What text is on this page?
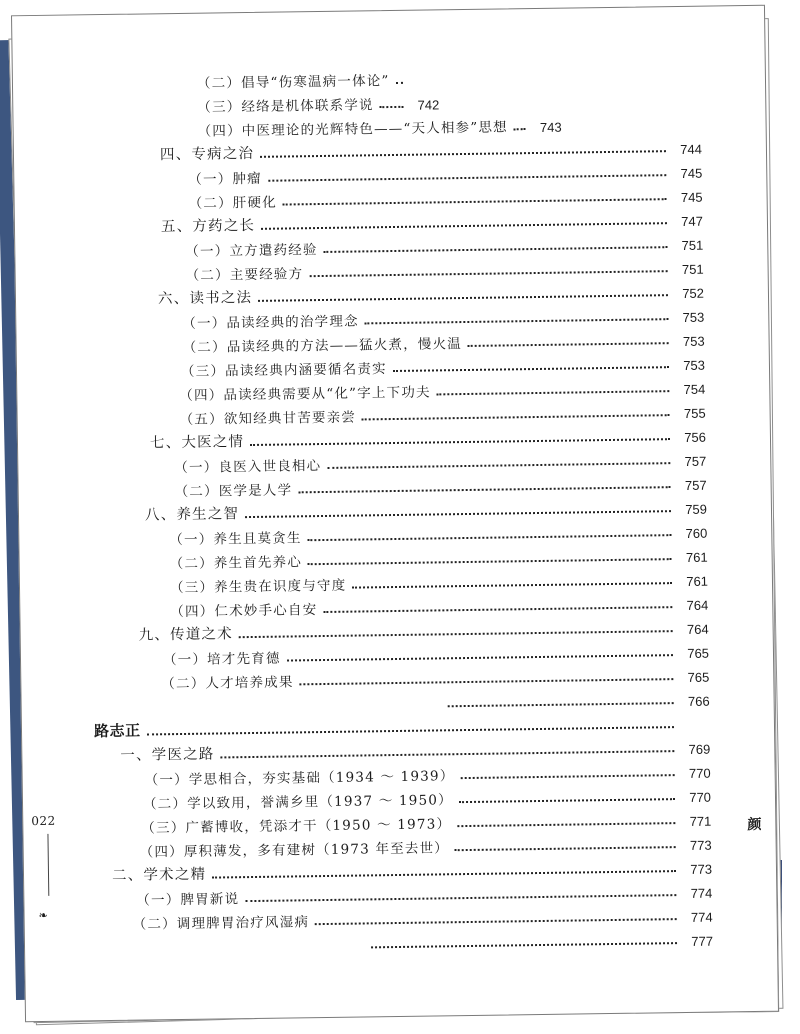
（二）倡导“伤寒温病一体论”
（三）经络是机体联系学说	742
（四）中医理论的光辉特色——“天人相参”思想	743
四、专病之治	744
（一）肿瘤	745
（二）肝硬化	745
五、方药之长	747
（一）立方遣药经验	751
（二）主要经验方	751
六、读书之法	752
（一）品读经典的治学理念	753
（二）品读经典的方法——猛火煮，慢火温	753
（三）品读经典内涵要循名责实	753
（四）品读经典需要从“化”字上下功夫	754
（五）欲知经典甘苦要亲尝	755
七、大医之情	756
（一）良医入世良相心	757
（二）医学是人学	757
八、养生之智	759
（一）养生且莫贪生	760
（二）养生首先养心	761
（三）养生贵在识度与守度	761
（四）仁术妙手心自安	764
九、传道之术	764
（一）培才先育德	765
（二）人才培养成果	765
766
路志正
一、学医之路	769
（一）学思相合，夯实基础（1934 ～ 1939）	770
（二）学以致用，誉满乡里（1937 ～ 1950）	770
（三）广蓄博收，凭添才干（1950 ～ 1973）	771
（四）厚积薄发，多有建树（1973 年至去世）	773
二、学术之精	773
（一）脾胃新说	774
（二）调理脾胃治疗风湿病	774
777
022
❧
颜
